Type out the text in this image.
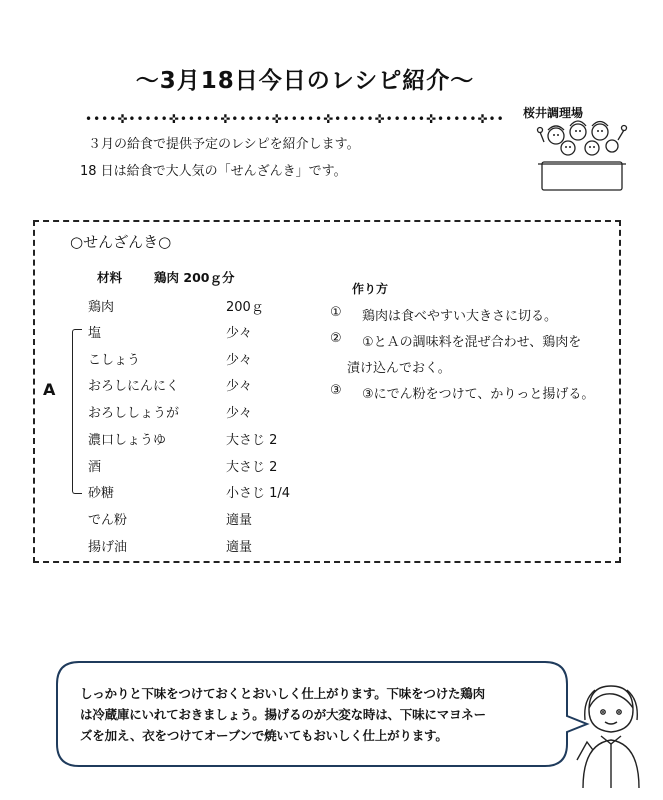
～3月18日今日のレシピ紹介～
••••✜•••••✜•••••✜•••••✜•••••✜•••••✜•••••✜•••••✜••	桜井調理場
３月の給食で提供予定のレシピを紹介します。
18 日は給食で大人気の「せんざんき」です。
○せんざんき○
材料	鶏肉 200ｇ分
鶏肉	200ｇ
塩	少々
こしょう	少々
おろしにんにく	少々
おろししょうが	少々
濃口しょうゆ	大さじ 2
酒	大さじ 2
砂糖	小さじ 1/4
でん粉	適量
揚げ油	適量
A
作り方
① 鶏肉は食べやすい大きさに切る。
② ①とＡの調味料を混ぜ合わせ、鶏肉を
漬け込んでおく。
③ ③にでん粉をつけて、かりっと揚げる。
しっかりと下味をつけておくとおいしく仕上がります。下味をつけた鶏肉
は冷蔵庫にいれておきましょう。揚げるのが大変な時は、下味にマヨネー
ズを加え、衣をつけてオーブンで焼いてもおいしく仕上がります。
